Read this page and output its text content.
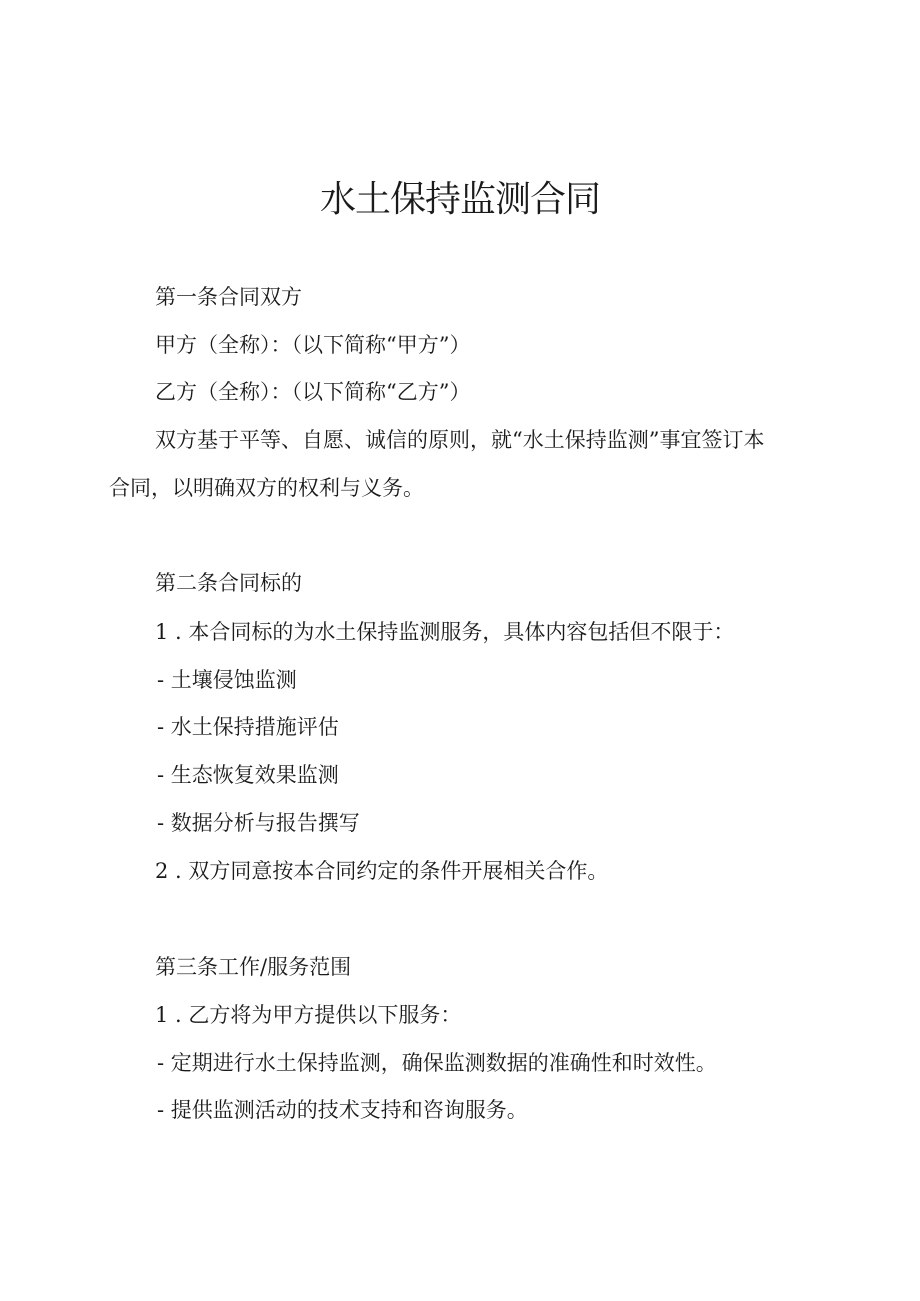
水土保持监测合同

第一条合同双方

甲方（全称）：（以下简称“甲方”）

乙方（全称）：（以下简称“乙方”）

双方基于平等、自愿、诚信的原则，就“水土保持监测”事宜签订本

合同，以明确双方的权利与义务。

第二条合同标的

1 . 本合同标的为水土保持监测服务，具体内容包括但不限于：

- 土壤侵蚀监测

- 水土保持措施评估

- 生态恢复效果监测

- 数据分析与报告撰写

2 . 双方同意按本合同约定的条件开展相关合作。

第三条工作/服务范围

1 . 乙方将为甲方提供以下服务：

- 定期进行水土保持监测，确保监测数据的准确性和时效性。

- 提供监测活动的技术支持和咨询服务。
